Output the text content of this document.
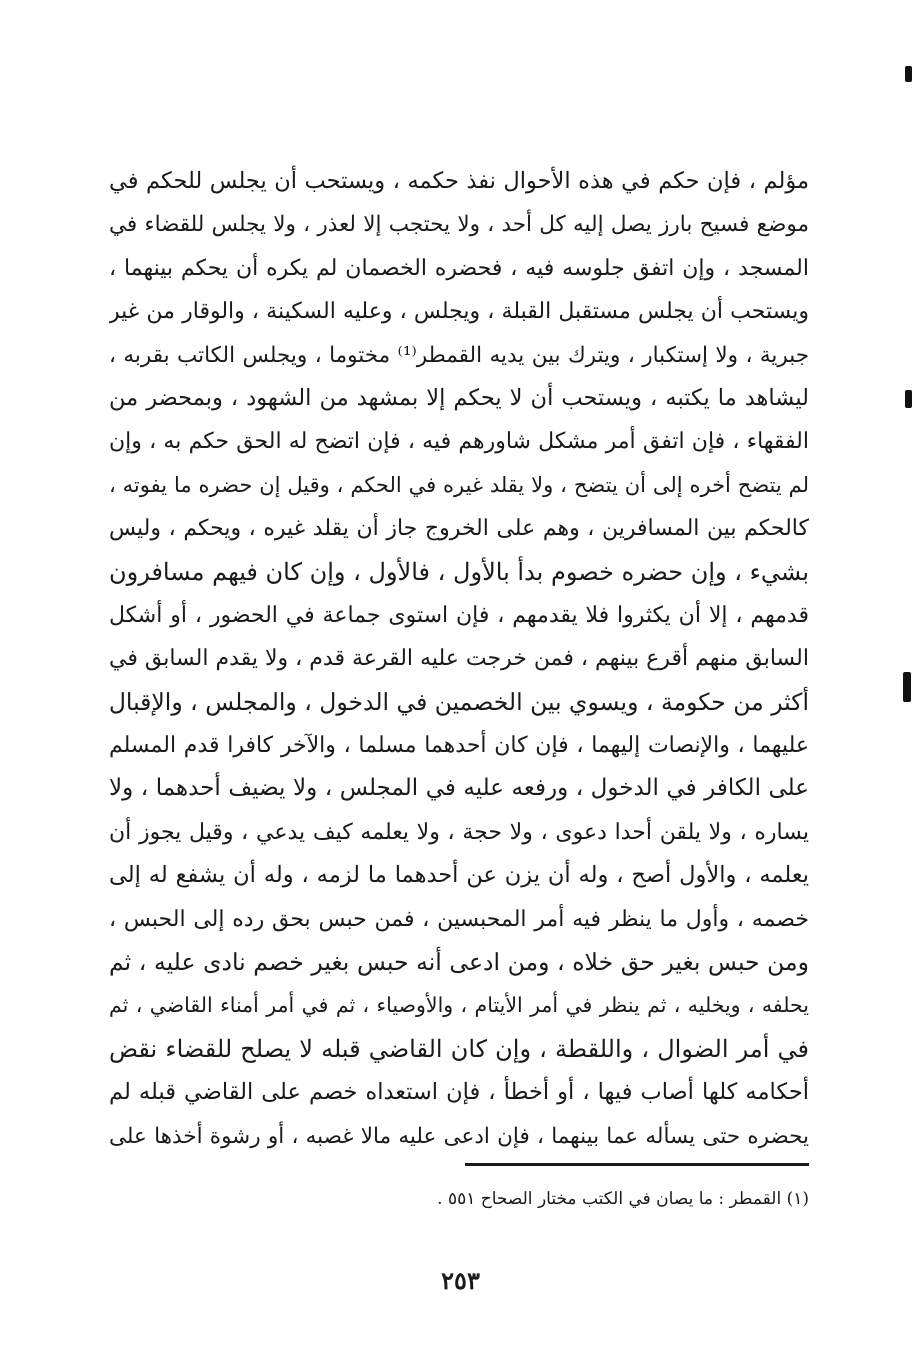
مؤلم ، فإن حكم في هذه الأحوال نفذ حكمه ، ويستحب أن يجلس للحكم في
موضع فسيح بارز يصل إليه كل أحد ، ولا يحتجب إلا لعذر ، ولا يجلس للقضاء في
المسجد ، وإن اتفق جلوسه فيه ، فحضره الخصمان لم يكره أن يحكم بينهما ،
ويستحب أن يجلس مستقبل القبلة ، ويجلس ، وعليه السكينة ، والوقار من غير
جبرية ، ولا إستكبار ، ويترك بين يديه القمطر⁽¹⁾ مختوما ، ويجلس الكاتب بقربه ،
ليشاهد ما يكتبه ، ويستحب أن لا يحكم إلا بمشهد من الشهود ، وبمحضر من
الفقهاء ، فإن اتفق أمر مشكل شاورهم فيه ، فإن اتضح له الحق حكم به ، وإن
لم يتضح أخره إلى أن يتضح ، ولا يقلد غيره في الحكم ، وقيل إن حضره ما يفوته ،
كالحكم بين المسافرين ، وهم على الخروج جاز أن يقلد غيره ، ويحكم ، وليس
بشيء ، وإن حضره خصوم بدأ بالأول ، فالأول ، وإن كان فيهم مسافرون
قدمهم ، إلا أن يكثروا فلا يقدمهم ، فإن استوى جماعة في الحضور ، أو أشكل
السابق منهم أقرع بينهم ، فمن خرجت عليه القرعة قدم ، ولا يقدم السابق في
أكثر من حكومة ، ويسوي بين الخصمين في الدخول ، والمجلس ، والإقبال
عليهما ، والإنصات إليهما ، فإن كان أحدهما مسلما ، والآخر كافرا قدم المسلم
على الكافر في الدخول ، ورفعه عليه في المجلس ، ولا يضيف أحدهما ، ولا
يساره ، ولا يلقن أحدا دعوى ، ولا حجة ، ولا يعلمه كيف يدعي ، وقيل يجوز أن
يعلمه ، والأول أصح ، وله أن يزن عن أحدهما ما لزمه ، وله أن يشفع له إلى
خصمه ، وأول ما ينظر فيه أمر المحبسين ، فمن حبس بحق رده إلى الحبس ،
ومن حبس بغير حق خلاه ، ومن ادعى أنه حبس بغير خصم نادى عليه ، ثم
يحلفه ، ويخليه ، ثم ينظر في أمر الأيتام ، والأوصياء ، ثم في أمر أمناء القاضي ، ثم
في أمر الضوال ، واللقطة ، وإن كان القاضي قبله لا يصلح للقضاء نقض
أحكامه كلها أصاب فيها ، أو أخطأ ، فإن استعداه خصم على القاضي قبله لم
يحضره حتى يسأله عما بينهما ، فإن ادعى عليه مالا غصبه ، أو رشوة أخذها على
(١) القمطر : ما يصان في الكتب مختار الصحاح ٥٥١ .
٢٥٣
